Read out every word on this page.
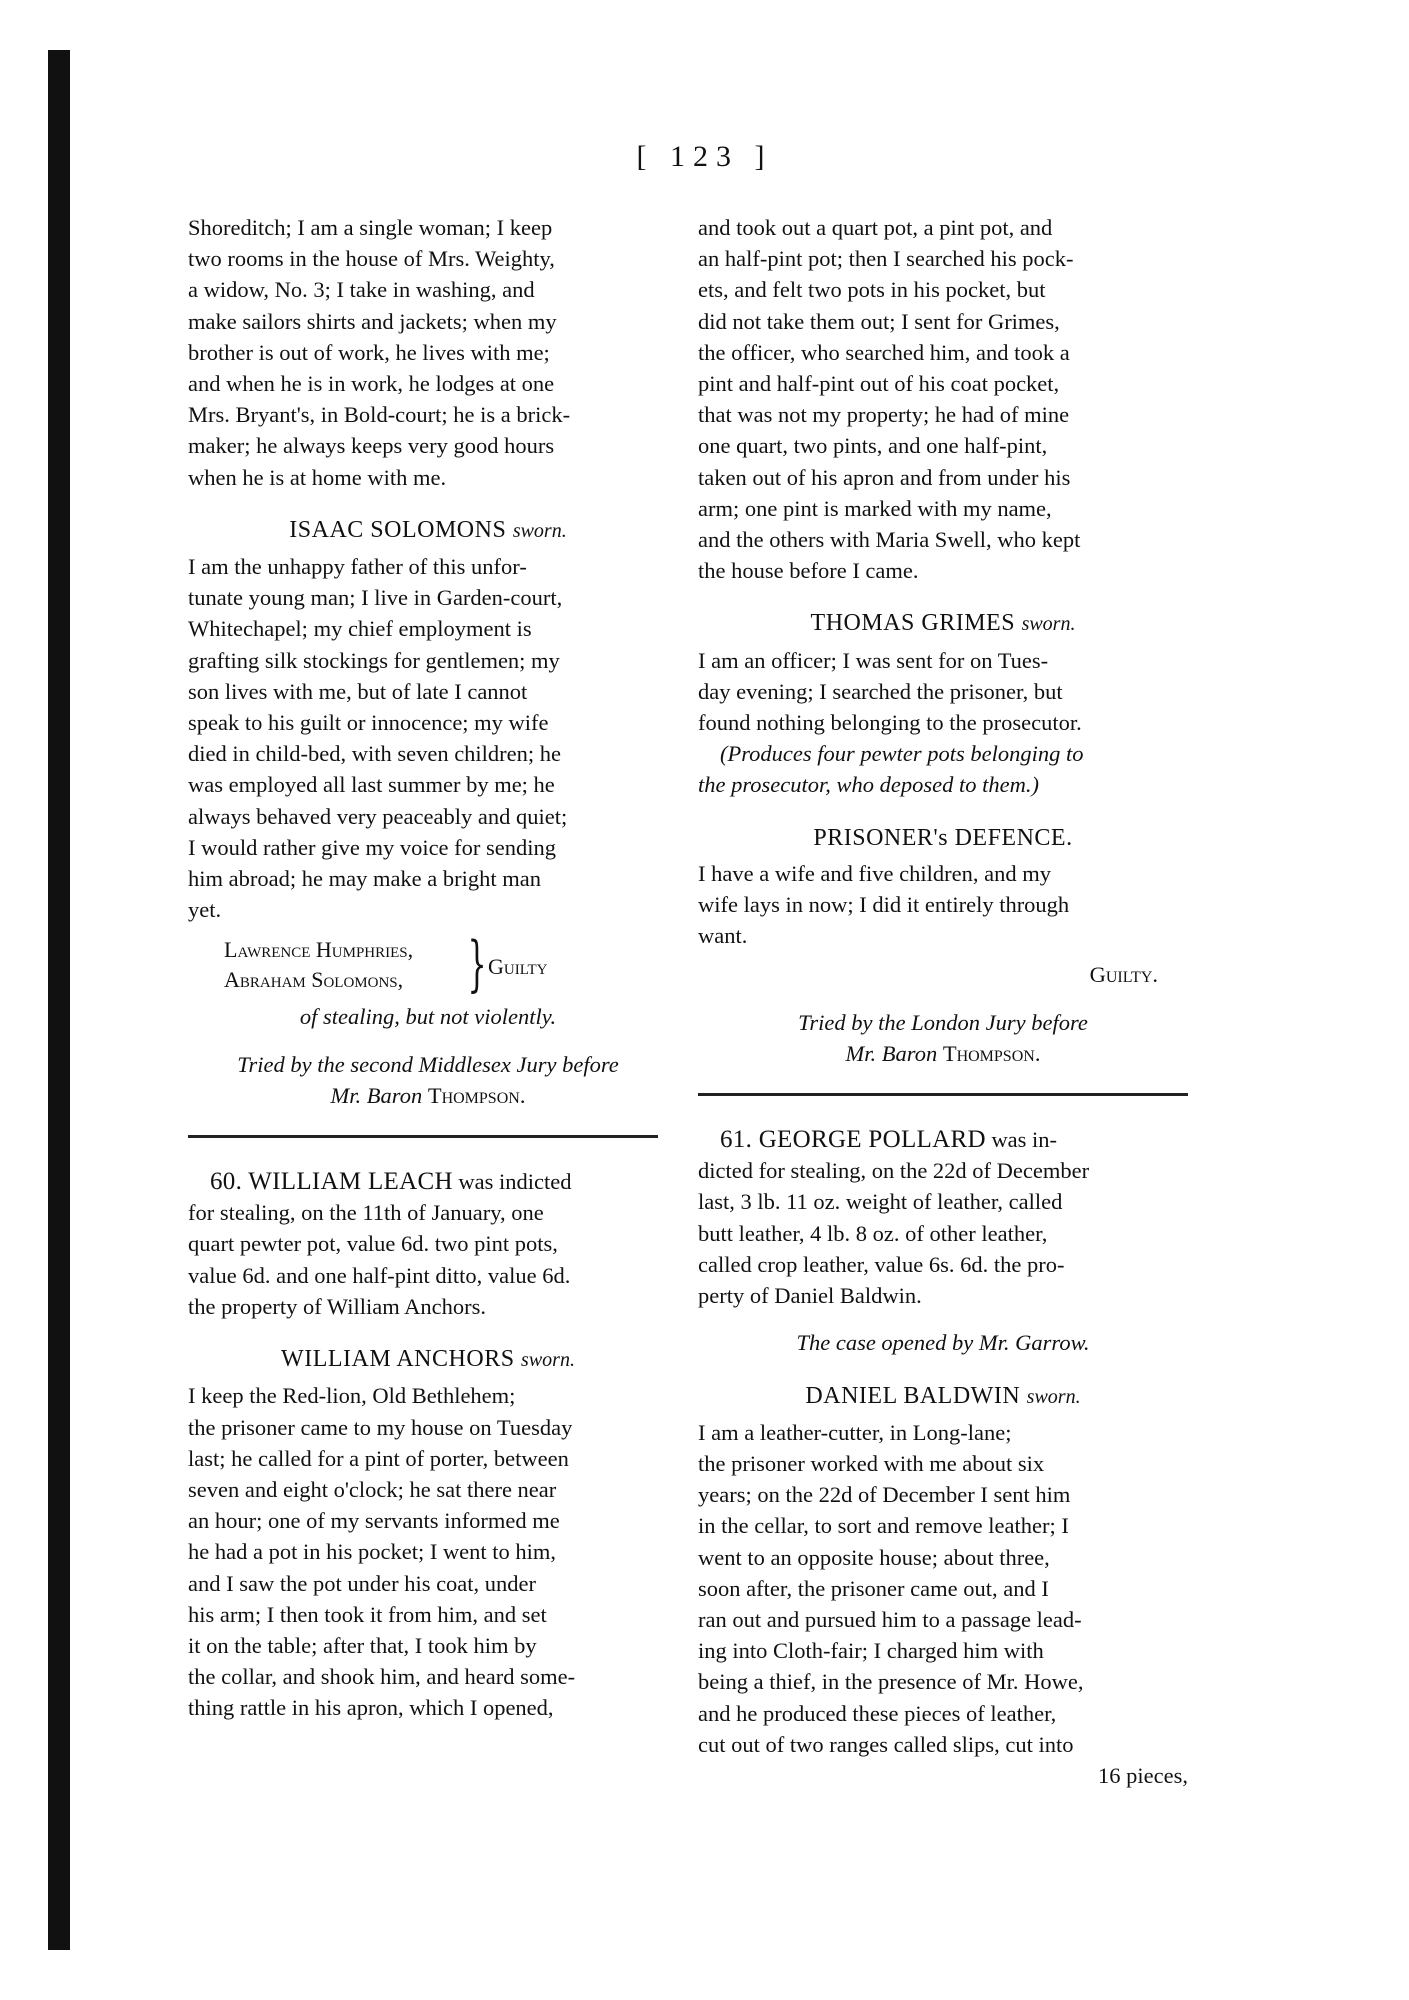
[ 123 ]

Shoreditch; I am a single woman; I keep

two rooms in the house of Mrs. Weighty,

a widow, No. 3; I take in washing, and

make sailors shirts and jackets; when my

brother is out of work, he lives with me;

and when he is in work, he lodges at one

Mrs. Bryant's, in Bold-court; he is a brick-

maker; he always keeps very good hours

when he is at home with me.

ISAAC SOLOMONS sworn.

I am the unhappy father of this unfor-

tunate young man; I live in Garden-court,

Whitechapel; my chief employment is

grafting silk stockings for gentlemen; my

son lives with me, but of late I cannot

speak to his guilt or innocence; my wife

died in child-bed, with seven children; he

was employed all last summer by me; he

always behaved very peaceably and quiet;

I would rather give my voice for sending

him abroad; he may make a bright man

yet.

Lawrence Humphries,
Abraham Solomons, } Guilty

of stealing, but not violently.

Tried by the second Middlesex Jury before

Mr. Baron Thompson.

60. WILLIAM LEACH was indicted

for stealing, on the 11th of January, one

quart pewter pot, value 6d. two pint pots,

value 6d. and one half-pint ditto, value 6d.

the property of William Anchors.

WILLIAM ANCHORS sworn.

I keep the Red-lion, Old Bethlehem;

the prisoner came to my house on Tuesday

last; he called for a pint of porter, between

seven and eight o'clock; he sat there near

an hour; one of my servants informed me

he had a pot in his pocket; I went to him,

and I saw the pot under his coat, under

his arm; I then took it from him, and set

it on the table; after that, I took him by

the collar, and shook him, and heard some-

thing rattle in his apron, which I opened,

and took out a quart pot, a pint pot, and

an half-pint pot; then I searched his pock-

ets, and felt two pots in his pocket, but

did not take them out; I sent for Grimes,

the officer, who searched him, and took a

pint and half-pint out of his coat pocket,

that was not my property; he had of mine

one quart, two pints, and one half-pint,

taken out of his apron and from under his

arm; one pint is marked with my name,

and the others with Maria Swell, who kept

the house before I came.

THOMAS GRIMES sworn.

I am an officer; I was sent for on Tues-

day evening; I searched the prisoner, but

found nothing belonging to the prosecutor.

(Produces four pewter pots belonging to

the prosecutor, who deposed to them.)

PRISONER's DEFENCE.

I have a wife and five children, and my

wife lays in now; I did it entirely through

want.

Guilty.

Tried by the London Jury before

Mr. Baron Thompson.

61. GEORGE POLLARD was in-

dicted for stealing, on the 22d of December

last, 3 lb. 11 oz. weight of leather, called

butt leather, 4 lb. 8 oz. of other leather,

called crop leather, value 6s. 6d. the pro-

perty of Daniel Baldwin.

The case opened by Mr. Garrow.

DANIEL BALDWIN sworn.

I am a leather-cutter, in Long-lane;

the prisoner worked with me about six

years; on the 22d of December I sent him

in the cellar, to sort and remove leather; I

went to an opposite house; about three,

soon after, the prisoner came out, and I

ran out and pursued him to a passage lead-

ing into Cloth-fair; I charged him with

being a thief, in the presence of Mr. Howe,

and he produced these pieces of leather,

cut out of two ranges called slips, cut into

16 pieces,
